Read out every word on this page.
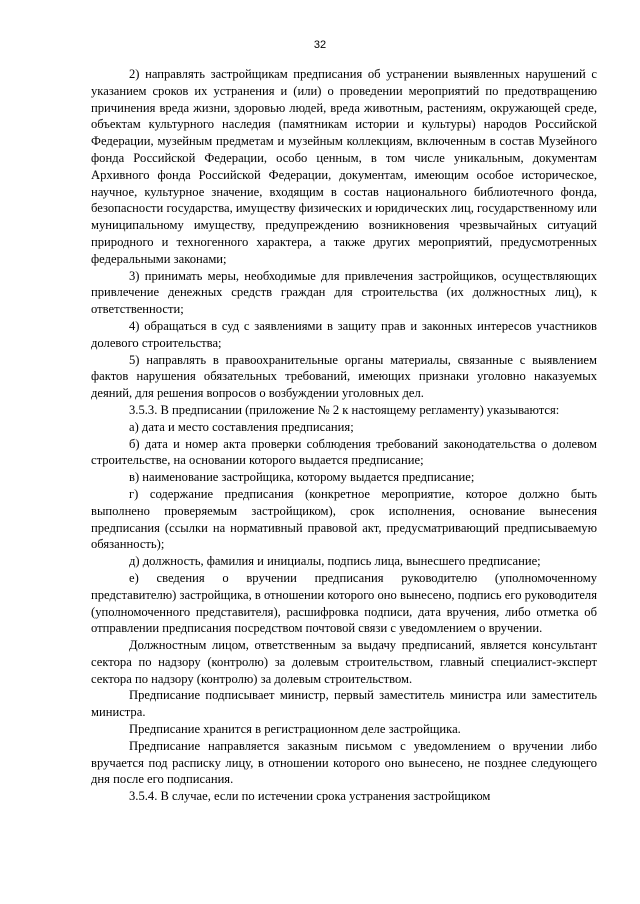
32

2) направлять застройщикам предписания об устранении выявленных нарушений с указанием сроков их устранения и (или) о проведении мероприятий по предотвращению причинения вреда жизни, здоровью людей, вреда животным, растениям, окружающей среде, объектам культурного наследия (памятникам истории и культуры) народов Российской Федерации, музейным предметам и музейным коллекциям, включенным в состав Музейного фонда Российской Федерации, особо ценным, в том числе уникальным, документам Архивного фонда Российской Федерации, документам, имеющим особое историческое, научное, культурное значение, входящим в состав национального библиотечного фонда, безопасности государства, имуществу физических и юридических лиц, государственному или муниципальному имуществу, предупреждению возникновения чрезвычайных ситуаций природного и техногенного характера, а также других мероприятий, предусмотренных федеральными законами;

3) принимать меры, необходимые для привлечения застройщиков, осуществляющих привлечение денежных средств граждан для строительства (их должностных лиц), к ответственности;

4) обращаться в суд с заявлениями в защиту прав и законных интересов участников долевого строительства;

5) направлять в правоохранительные органы материалы, связанные с выявлением фактов нарушения обязательных требований, имеющих признаки уголовно наказуемых деяний, для решения вопросов о возбуждении уголовных дел.

3.5.3. В предписании (приложение № 2 к настоящему регламенту) указываются:

а) дата и место составления предписания;

б) дата и номер акта проверки соблюдения требований законодательства о долевом строительстве, на основании которого выдается предписание;

в) наименование застройщика, которому выдается предписание;

г) содержание предписания (конкретное мероприятие, которое должно быть выполнено проверяемым застройщиком), срок исполнения, основание вынесения предписания (ссылки на нормативный правовой акт, предусматривающий предписываемую обязанность);

д) должность, фамилия и инициалы, подпись лица, вынесшего предписание;

е) сведения о вручении предписания руководителю (уполномоченному представителю) застройщика, в отношении которого оно вынесено, подпись его руководителя (уполномоченного представителя), расшифровка подписи, дата вручения, либо отметка об отправлении предписания посредством почтовой связи с уведомлением о вручении.

Должностным лицом, ответственным за выдачу предписаний, является консультант сектора по надзору (контролю) за долевым строительством, главный специалист-эксперт сектора по надзору (контролю) за долевым строительством.

Предписание подписывает министр, первый заместитель министра или заместитель министра.

Предписание хранится в регистрационном деле застройщика.

Предписание направляется заказным письмом с уведомлением о вручении либо вручается под расписку лицу, в отношении которого оно вынесено, не позднее следующего дня после его подписания.

3.5.4. В случае, если по истечении срока устранения застройщиком
